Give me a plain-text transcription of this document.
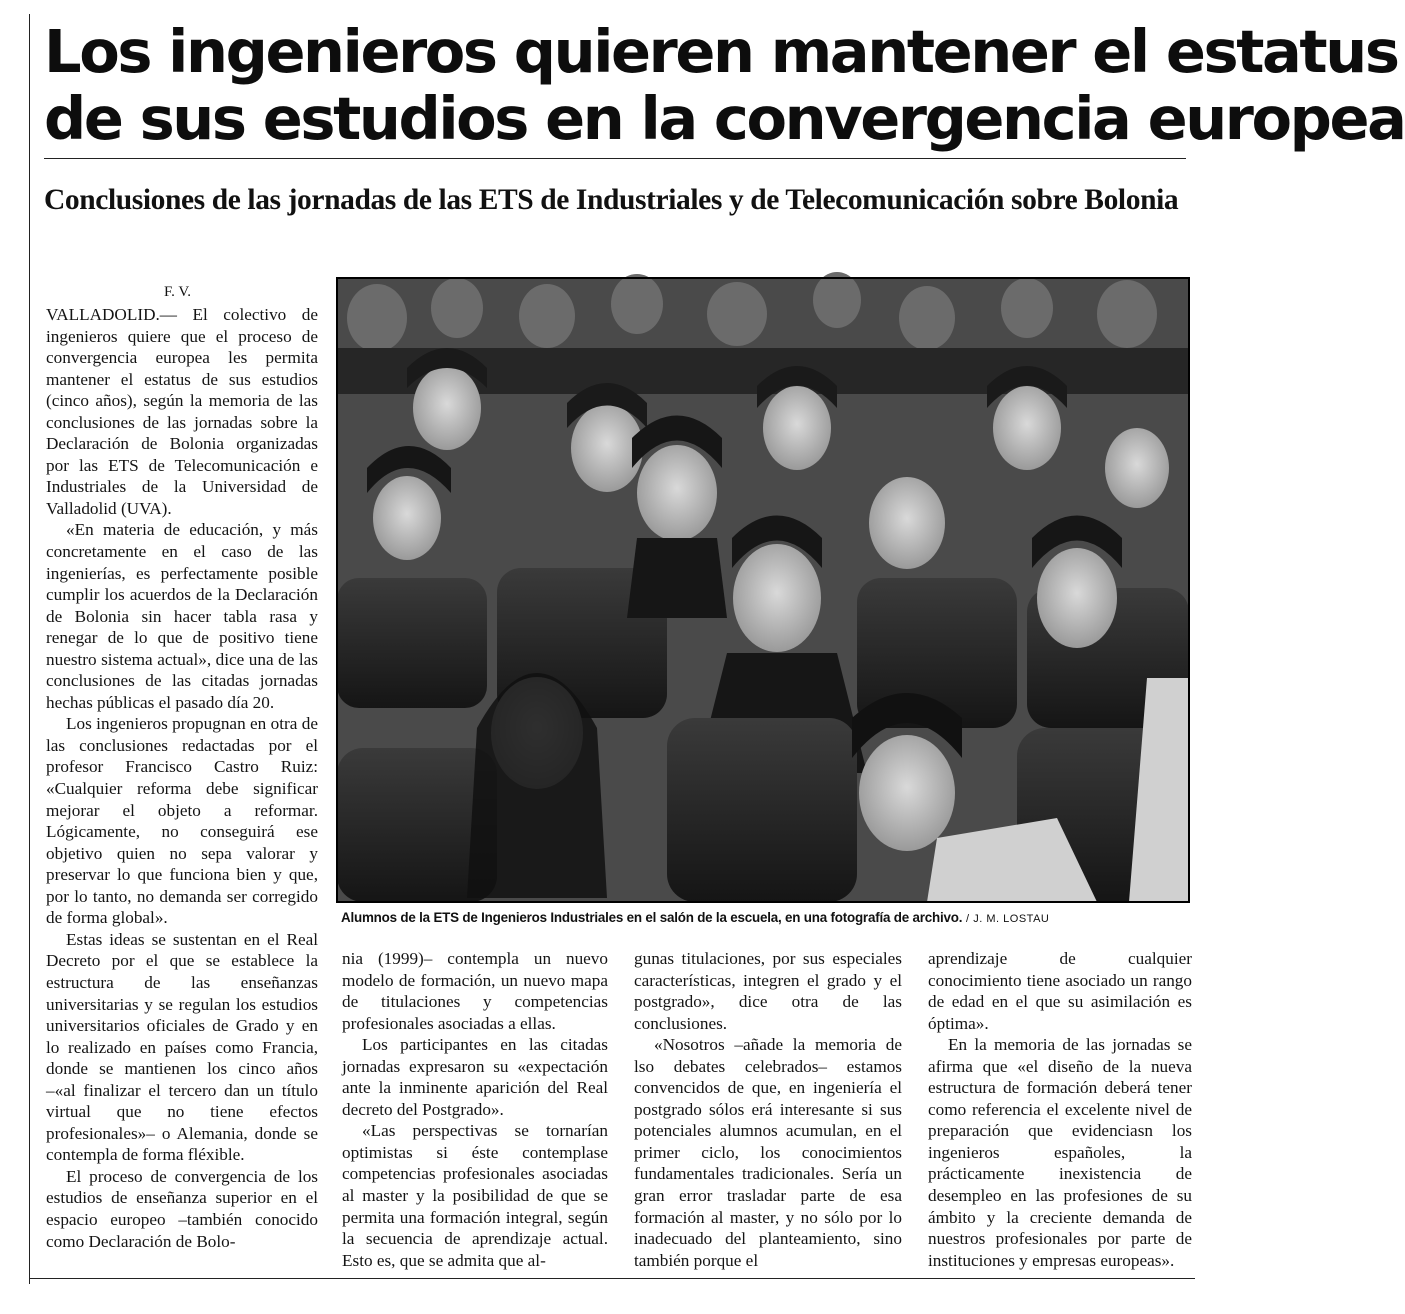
Los ingenieros quieren mantener el estatus
de sus estudios en la convergencia europea
Conclusiones de las jornadas de las ETS de Industriales y de Telecomunicación sobre Bolonia
F. V.

VALLADOLID.— El colectivo de ingenieros quiere que el proceso de convergencia europea les permita mantener el estatus de sus estudios (cinco años), según la memoria de las conclusiones de las jornadas sobre la Declaración de Bolonia organizadas por las ETS de Telecomunicación e Industriales de la Universidad de Valladolid (UVA).

«En materia de educación, y más concretamente en el caso de las ingenierías, es perfectamente posible cumplir los acuerdos de la Declaración de Bolonia sin hacer tabla rasa y renegar de lo que de positivo tiene nuestro sistema actual», dice una de las conclusiones de las citadas jornadas hechas públicas el pasado día 20.

Los ingenieros propugnan en otra de las conclusiones redactadas por el profesor Francisco Castro Ruiz: «Cualquier reforma debe significar mejorar el objeto a reformar. Lógicamente, no conseguirá ese objetivo quien no sepa valorar y preservar lo que funciona bien y que, por lo tanto, no demanda ser corregido de forma global».

Estas ideas se sustentan en el Real Decreto por el que se establece la estructura de las enseñanzas universitarias y se regulan los estudios universitarios oficiales de Grado y en lo realizado en países como Francia, donde se mantienen los cinco años –«al finalizar el tercero dan un título virtual que no tiene efectos profesionales»– o Alemania, donde se contempla de forma fléxible.

El proceso de convergencia de los estudios de enseñanza superior en el espacio europeo –también conocido como Declaración de Bolo-

Alumnos de la ETS de Ingenieros Industriales en el salón de la escuela, en una fotografía de archivo. / J. M. LOSTAU

nia (1999)– contempla un nuevo modelo de formación, un nuevo mapa de titulaciones y competencias profesionales asociadas a ellas.

Los participantes en las citadas jornadas expresaron su «expectación ante la inminente aparición del Real decreto del Postgrado».

«Las perspectivas se tornarían optimistas si éste contemplase competencias profesionales asociadas al master y la posibilidad de que se permita una formación integral, según la secuencia de aprendizaje actual. Esto es, que se admita que al-

gunas titulaciones, por sus especiales características, integren el grado y el postgrado», dice otra de las conclusiones.

«Nosotros –añade la memoria de lso debates celebrados– estamos convencidos de que, en ingeniería el postgrado sólos erá interesante si sus potenciales alumnos acumulan, en el primer ciclo, los conocimientos fundamentales tradicionales. Sería un gran error trasladar parte de esa formación al master, y no sólo por lo inadecuado del planteamiento, sino también porque el

aprendizaje de cualquier conocimiento tiene asociado un rango de edad en el que su asimilación es óptima».

En la memoria de las jornadas se afirma que «el diseño de la nueva estructura de formación deberá tener como referencia el excelente nivel de preparación que evidenciasn los ingenieros españoles, la prácticamente inexistencia de desempleo en las profesiones de su ámbito y la creciente demanda de nuestros profesionales por parte de instituciones y empresas europeas».
